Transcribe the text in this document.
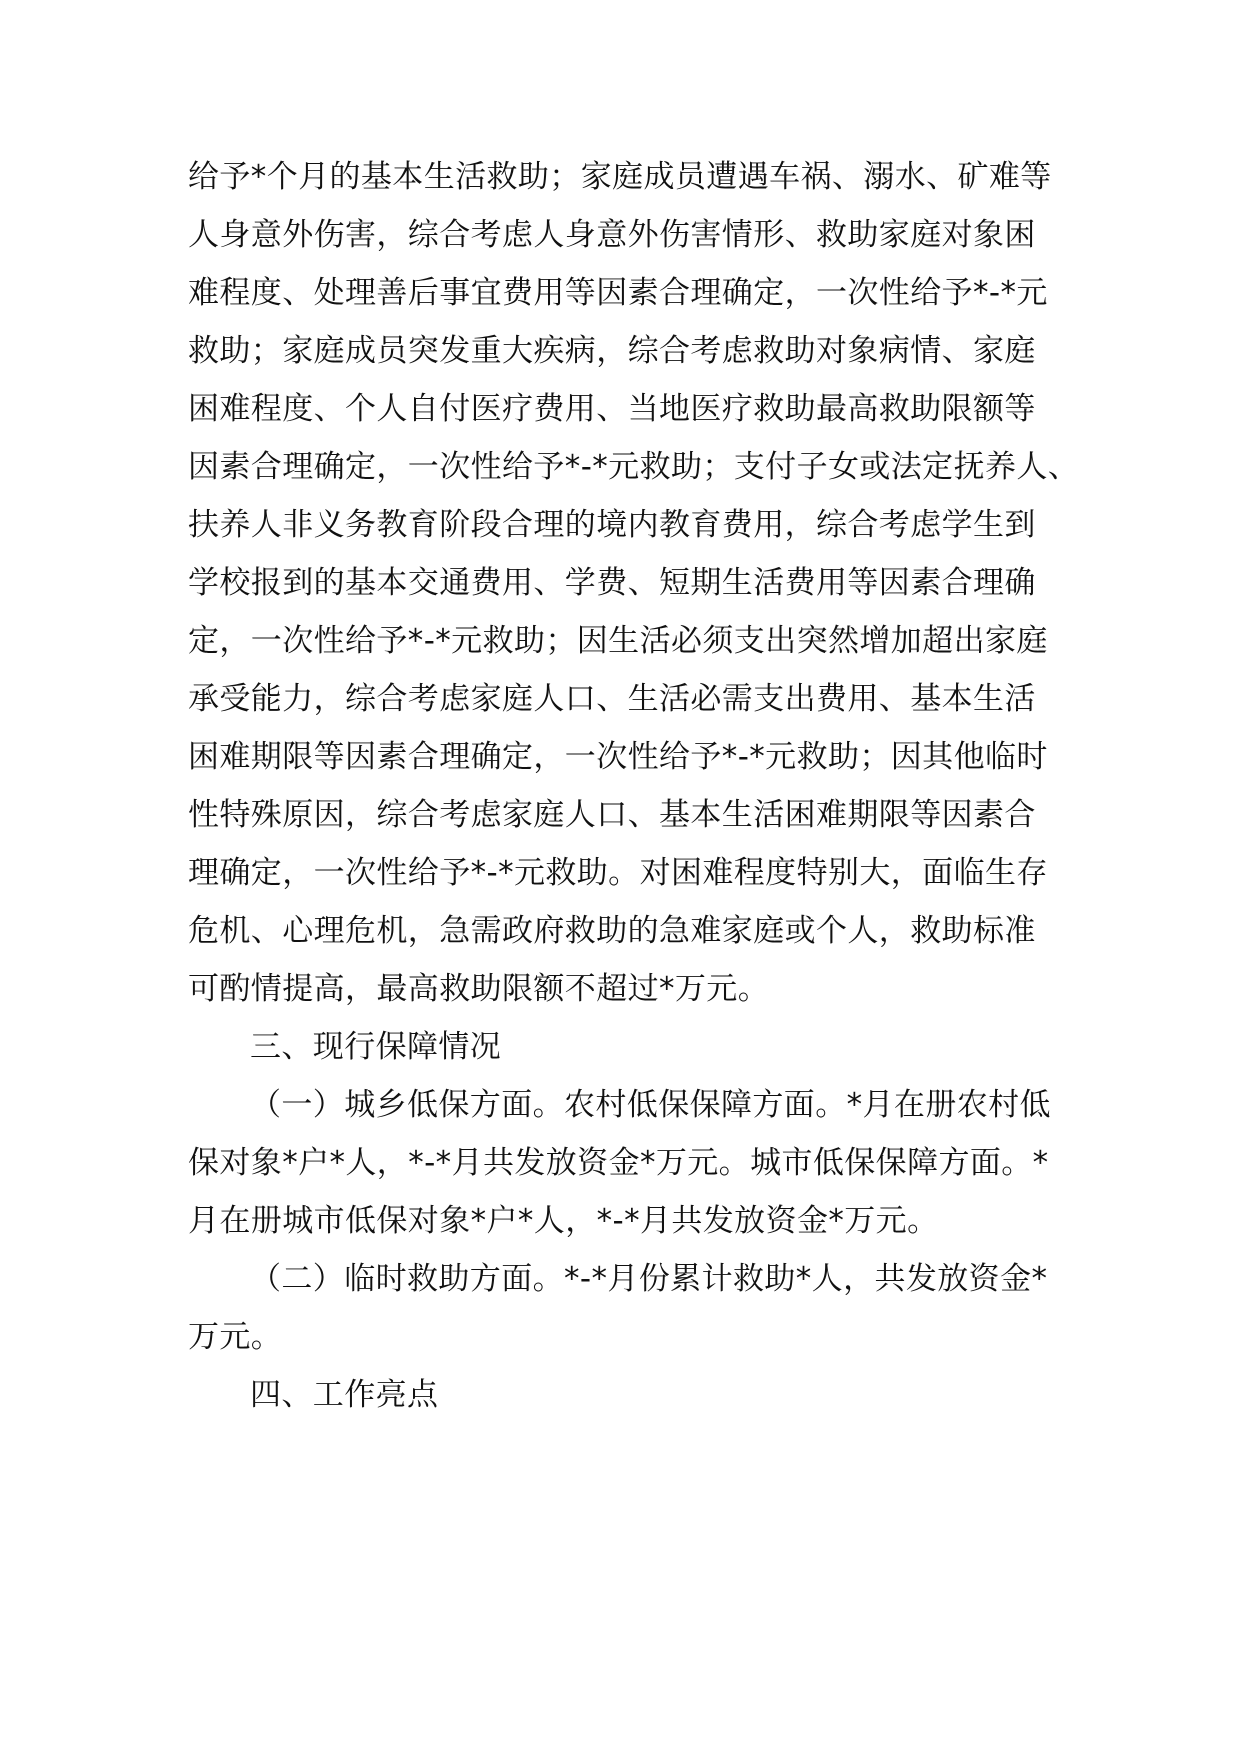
给予*个月的基本生活救助；家庭成员遭遇车祸、溺水、矿难等
人身意外伤害，综合考虑人身意外伤害情形、救助家庭对象困
难程度、处理善后事宜费用等因素合理确定，一次性给予*-*元
救助；家庭成员突发重大疾病，综合考虑救助对象病情、家庭
困难程度、个人自付医疗费用、当地医疗救助最高救助限额等
因素合理确定，一次性给予*-*元救助；支付子女或法定抚养人、
扶养人非义务教育阶段合理的境内教育费用，综合考虑学生到
学校报到的基本交通费用、学费、短期生活费用等因素合理确
定，一次性给予*-*元救助；因生活必须支出突然增加超出家庭
承受能力，综合考虑家庭人口、生活必需支出费用、基本生活
困难期限等因素合理确定，一次性给予*-*元救助；因其他临时
性特殊原因，综合考虑家庭人口、基本生活困难期限等因素合
理确定，一次性给予*-*元救助。对困难程度特别大，面临生存
危机、心理危机，急需政府救助的急难家庭或个人，救助标准
可酌情提高，最高救助限额不超过*万元。
三、现行保障情况
（一）城乡低保方面。农村低保保障方面。*月在册农村低
保对象*户*人，*-*月共发放资金*万元。城市低保保障方面。*
月在册城市低保对象*户*人，*-*月共发放资金*万元。
（二）临时救助方面。*-*月份累计救助*人，共发放资金*
万元。
四、工作亮点
